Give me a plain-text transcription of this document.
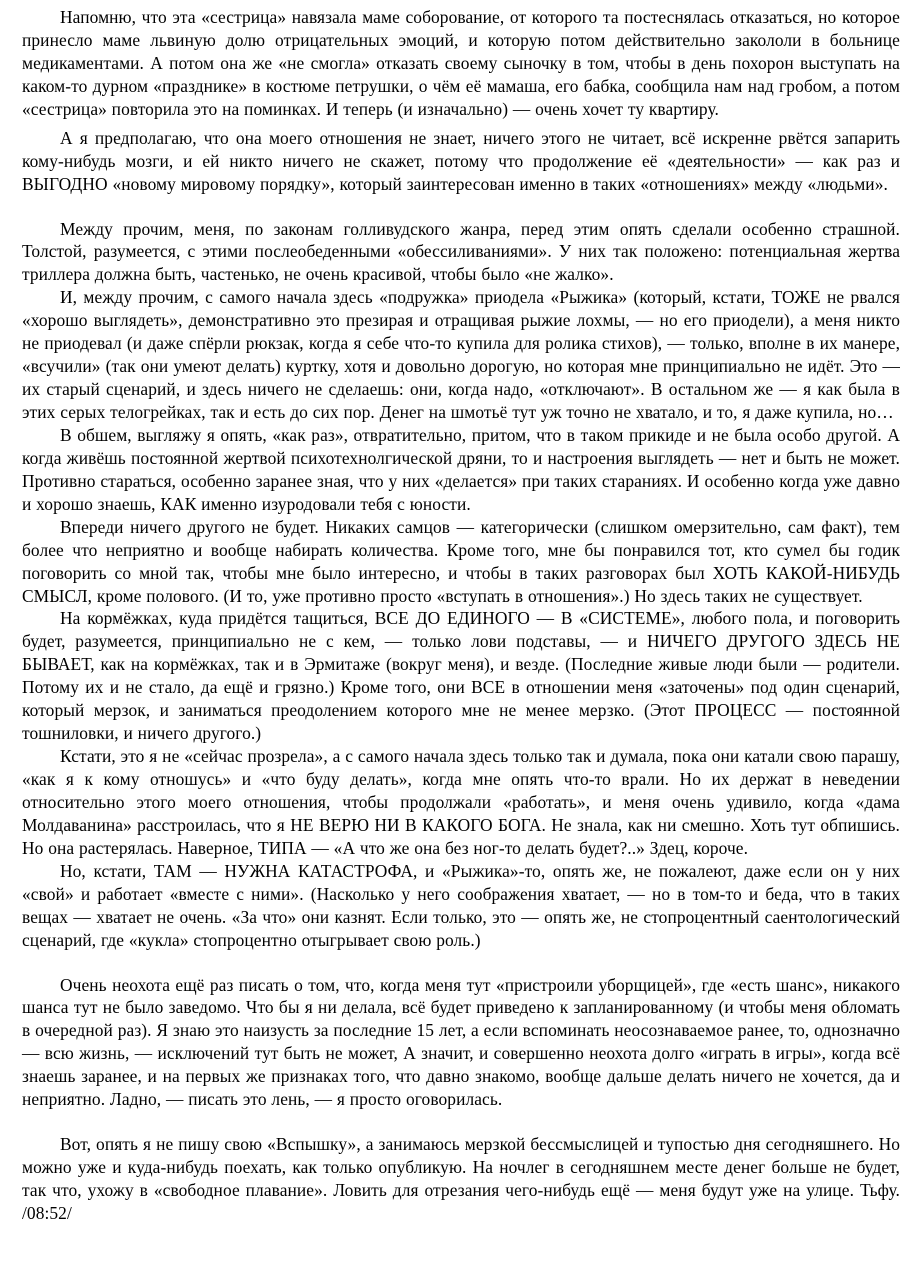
Напомню, что эта «сестрица» навязала маме соборование, от которого та постеснялась отказаться, но которое принесло маме львиную долю отрицательных эмоций, и которую потом действительно закололи в больнице медикаментами. А потом она же «не смогла» отказать своему сыночку в том, чтобы в день похорон выступать на каком-то дурном «празднике» в костюме петрушки, о чём её мамаша, его бабка, сообщила нам над гробом, а потом «сестрица» повторила это на поминках. И теперь (и изначально) — очень хочет ту квартиру.

А я предполагаю, что она моего отношения не знает, ничего этого не читает, всё искренне рвётся запарить кому-нибудь мозги, и ей никто ничего не скажет, потому что продолжение её «деятельности» — как раз и ВЫГОДНО «новому мировому порядку», который заинтересован именно в таких «отношениях» между «людьми».

Между прочим, меня, по законам голливудского жанра, перед этим опять сделали особенно страшной. Толстой, разумеется, с этими послеобеденными «обессиливаниями». У них так положено: потенциальная жертва триллера должна быть, частенько, не очень красивой, чтобы было «не жалко».

И, между прочим, с самого начала здесь «подружка» приодела «Рыжика» (который, кстати, ТОЖЕ не рвался «хорошо выглядеть», демонстративно это презирая и отращивая рыжие лохмы, — но его приодели), а меня никто не приодевал (и даже спёрли рюкзак, когда я себе что-то купила для ролика стихов), — только, вполне в их манере, «всучили» (так они умеют делать) куртку, хотя и довольно дорогую, но которая мне принципиально не идёт. Это — их старый сценарий, и здесь ничего не сделаешь: они, когда надо, «отключают». В остальном же — я как была в этих серых телогрейках, так и есть до сих пор. Денег на шмотьё тут уж точно не хватало, и то, я даже купила, но…

В обшем, выгляжу я опять, «как раз», отвратительно, притом, что в таком прикиде и не была особо другой. А когда живёшь постоянной жертвой психотехнолгической дряни, то и настроения выглядеть — нет и быть не может. Противно стараться, особенно заранее зная, что у них «делается» при таких стараниях. И особенно когда уже давно и хорошо знаешь, КАК именно изуродовали тебя с юности.

Впереди ничего другого не будет. Никаких самцов — категорически (слишком омерзительно, сам факт), тем более что неприятно и вообще набирать количества. Кроме того, мне бы понравился тот, кто сумел бы годик поговорить со мной так, чтобы мне было интересно, и чтобы в таких разговорах был ХОТЬ КАКОЙ-НИБУДЬ СМЫСЛ, кроме полового. (И то, уже противно просто «вступать в отношения».) Но здесь таких не существует.

На кормёжках, куда придётся тащиться, ВСЕ ДО ЕДИНОГО — В «СИСТЕМЕ», любого пола, и поговорить будет, разумеется, принципиально не с кем, — только лови подставы, — и НИЧЕГО ДРУГОГО ЗДЕСЬ НЕ БЫВАЕТ, как на кормёжках, так и в Эрмитаже (вокруг меня), и везде. (Последние живые люди были — родители. Потому их и не стало, да ещё и грязно.) Кроме того, они ВСЕ в отношении меня «заточены» под один сценарий, который мерзок, и заниматься преодолением которого мне не менее мерзко. (Этот ПРОЦЕСС — постоянной тошниловки, и ничего другого.)

Кстати, это я не «сейчас прозрела», а с самого начала здесь только так и думала, пока они катали свою парашу, «как я к кому отношусь» и «что буду делать», когда мне опять что-то врали. Но их держат в неведении относительно этого моего отношения, чтобы продолжали «работать», и меня очень удивило, когда «дама Молдаванина» расстроилась, что я НЕ ВЕРЮ НИ В КАКОГО БОГА. Не знала, как ни смешно. Хоть тут обпишись. Но она растерялась. Наверное, ТИПА — «А что же она без ног-то делать будет?..» Здец, короче.

Но, кстати, ТАМ — НУЖНА КАТАСТРОФА, и «Рыжика»-то, опять же, не пожалеют, даже если он у них «свой» и работает «вместе с ними». (Насколько у него соображения хватает, — но в том-то и беда, что в таких вещах — хватает не очень. «За что» они казнят. Если только, это — опять же, не стопроцентный саентологический сценарий, где «кукла» стопроцентно отыгрывает свою роль.)

Очень неохота ещё раз писать о том, что, когда меня тут «пристроили уборщицей», где «есть шанс», никакого шанса тут не было заведомо. Что бы я ни делала, всё будет приведено к запланированному (и чтобы меня обломать в очередной раз). Я знаю это наизусть за последние 15 лет, а если вспоминать неосознаваемое ранее, то, однозначно — всю жизнь, — исключений тут быть не может, А значит, и совершенно неохота долго «играть в игры», когда всё знаешь заранее, и на первых же признаках того, что давно знакомо, вообще дальше делать ничего не хочется, да и неприятно. Ладно, — писать это лень, — я просто оговорилась.

Вот, опять я не пишу свою «Вспышку», а занимаюсь мерзкой бессмыслицей и тупостью дня сегодняшнего. Но можно уже и куда-нибудь поехать, как только опубликую. На ночлег в сегодняшнем месте денег больше не будет, так что, ухожу в «свободное плавание». Ловить для отрезания чего-нибудь ещё — меня будут уже на улице. Тьфу. /08:52/
